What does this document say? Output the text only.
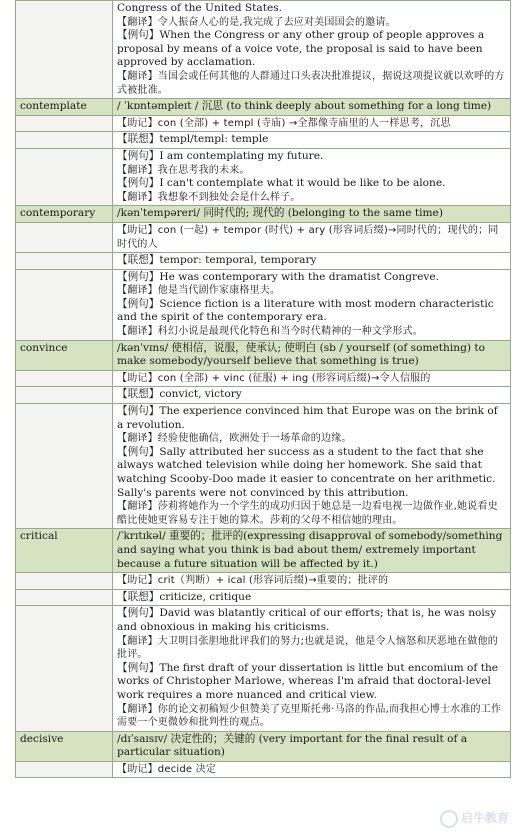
	Congress of the United States.
【翻译】令人振奋人心的是,我完成了去应对美国国会的邀请。
【例句】When the Congress or any other group of people approves a proposal by means of a voice vote, the proposal is said to have been approved by acclamation.
【翻译】当国会或任何其他的人群通过口头表决批准提议，据说这项提议就以欢呼的方式被批准。

contemplate	/ ˈkɒntəmpleɪt / 沉思 (to think deeply about something for a long time)

	【助记】con (全部) + templ (寺庙) →全都像寺庙里的人一样思考，沉思

	【联想】templ/templ: temple

	【例句】I am contemplating my future.
【翻译】我在思考我的未来。
【例句】I can't contemplate what it would be like to be alone.
【翻译】我想象不到独处会是什么样子。

contemporary	/kənˈtempəreri/ 同时代的; 现代的 (belonging to the same time)

	【助记】con (一起) + tempor (时代) + ary (形容词后缀)→同时代的；现代的；同时代的人

	【联想】tempor: temporal, temporary

	【例句】He was contemporary with the dramatist Congreve.
【翻译】他是当代剧作家康格里夫。
【例句】Science fiction is a literature with most modern characteristic and the spirit of the contemporary era.
【翻译】科幻小说是最现代化特色和当今时代精神的一种文学形式。

convince	/kənˈvɪns/ 使相信，说服，使承认; 使明白 (sb / yourself (of something) to make somebody/yourself believe that something is true)

	【助记】con (全部) + vinc (征服) + ing (形容词后缀)→令人信服的

	【联想】convict, victory

	【例句】The experience convinced him that Europe was on the brink of a revolution.
【翻译】经验使他确信，欧洲处于一场革命的边缘。
【例句】Sally attributed her success as a student to the fact that she always watched television while doing her homework. She said that watching Scooby-Doo made it easier to concentrate on her arithmetic. Sally's parents were not convinced by this attribution.
【翻译】莎莉将她作为一个学生的成功归因于她总是一边看电视一边做作业,她说看史酷比使她更容易专注于她的算术。莎莉的父母不相信她的理由。

critical	/ˈkrɪtɪkəl/ 重要的；批评的(expressing disapproval of somebody/something and saying what you think is bad about them/ extremely important because a future situation will be affected by it.)

	【助记】crit（判断）+ ical (形容词后缀)→重要的；批评的

	【联想】criticize, critique

	【例句】David was blatantly critical of our efforts; that is, he was noisy and obnoxious in making his criticisms.
【翻译】大卫明目张胆地批评我们的努力;也就是说，他是令人恼怒和厌恶地在做他的批评。
【例句】The first draft of your dissertation is little but encomium of the works of Christopher Marlowe, whereas I'm afraid that doctoral-level work requires a more nuanced and critical view.
【翻译】你的论文初稿短少但赞美了克里斯托弗·马洛的作品,而我担心博士水准的工作需要一个更微妙和批判性的观点。

decisive	/dɪˈsaɪsɪv/ 决定性的；关键的 (very important for the final result of a particular situation)

	【助记】decide 决定
启牛教育
